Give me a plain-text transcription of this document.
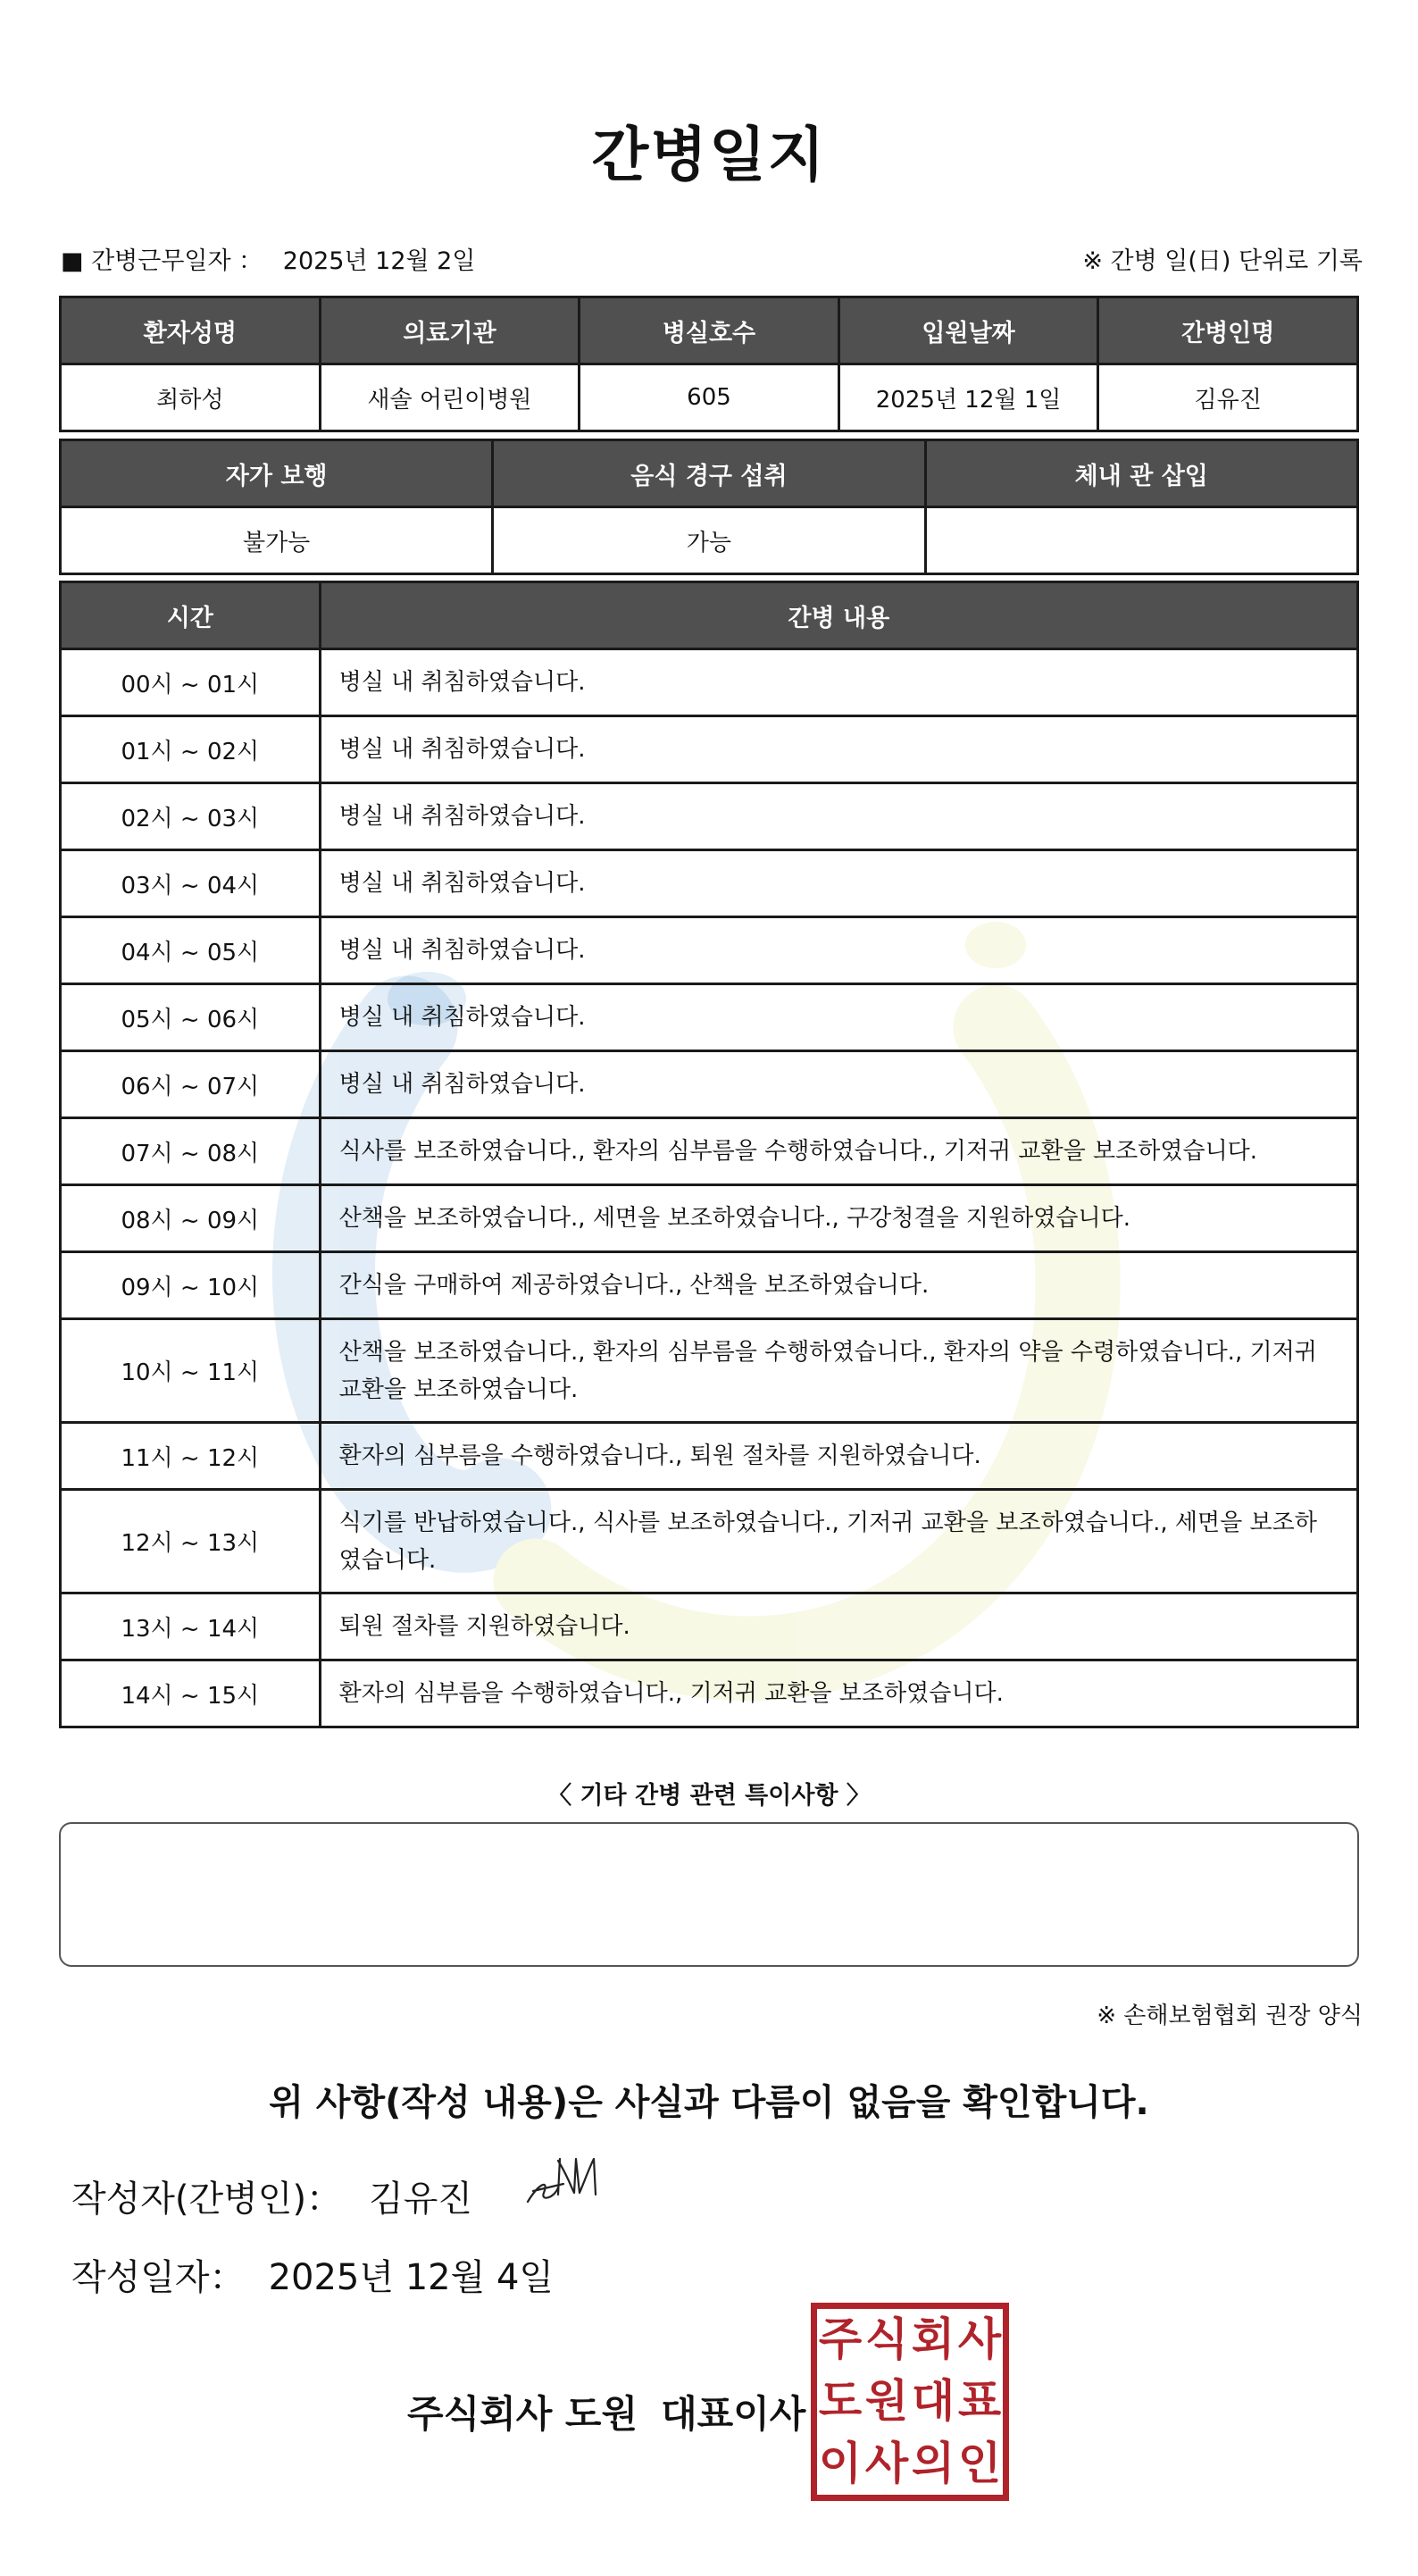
간병일지
■ 간병근무일자 ： 2025년 12월 2일	※ 간병 일(日) 단위로 기록
환자성명	의료기관	병실호수	입원날짜	간병인명
최하성	새솔 어린이병원	605	2025년 12월 1일	김유진
자가 보행	음식 경구 섭취	체내 관 삽입
불가능	가능	
시간	간병 내용
00시 ~ 01시	병실 내 취침하였습니다.
01시 ~ 02시	병실 내 취침하였습니다.
02시 ~ 03시	병실 내 취침하였습니다.
03시 ~ 04시	병실 내 취침하였습니다.
04시 ~ 05시	병실 내 취침하였습니다.
05시 ~ 06시	병실 내 취침하였습니다.
06시 ~ 07시	병실 내 취침하였습니다.
07시 ~ 08시	식사를 보조하였습니다., 환자의 심부름을 수행하였습니다., 기저귀 교환을 보조하였습니다.
08시 ~ 09시	산책을 보조하였습니다., 세면을 보조하였습니다., 구강청결을 지원하였습니다.
09시 ~ 10시	간식을 구매하여 제공하였습니다., 산책을 보조하였습니다.
10시 ~ 11시	산책을 보조하였습니다., 환자의 심부름을 수행하였습니다., 환자의 약을 수령하였습니다., 기저귀 교환을 보조하였습니다.
11시 ~ 12시	환자의 심부름을 수행하였습니다., 퇴원 절차를 지원하였습니다.
12시 ~ 13시	식기를 반납하였습니다., 식사를 보조하였습니다., 기저귀 교환을 보조하였습니다., 세면을 보조하였습니다.
13시 ~ 14시	퇴원 절차를 지원하였습니다.
14시 ~ 15시	환자의 심부름을 수행하였습니다., 기저귀 교환을 보조하였습니다.
〈 기타 간병 관련 특이사항 〉
※ 손해보험협회 권장 양식
위 사항(작성 내용)은 사실과 다름이 없음을 확인합니다.
작성자(간병인)： 김유진
작성일자： 2025년 12월 4일
주식회사 도원 대표이사
주 식 회 사
도 원 대 표
이 사 의 인
